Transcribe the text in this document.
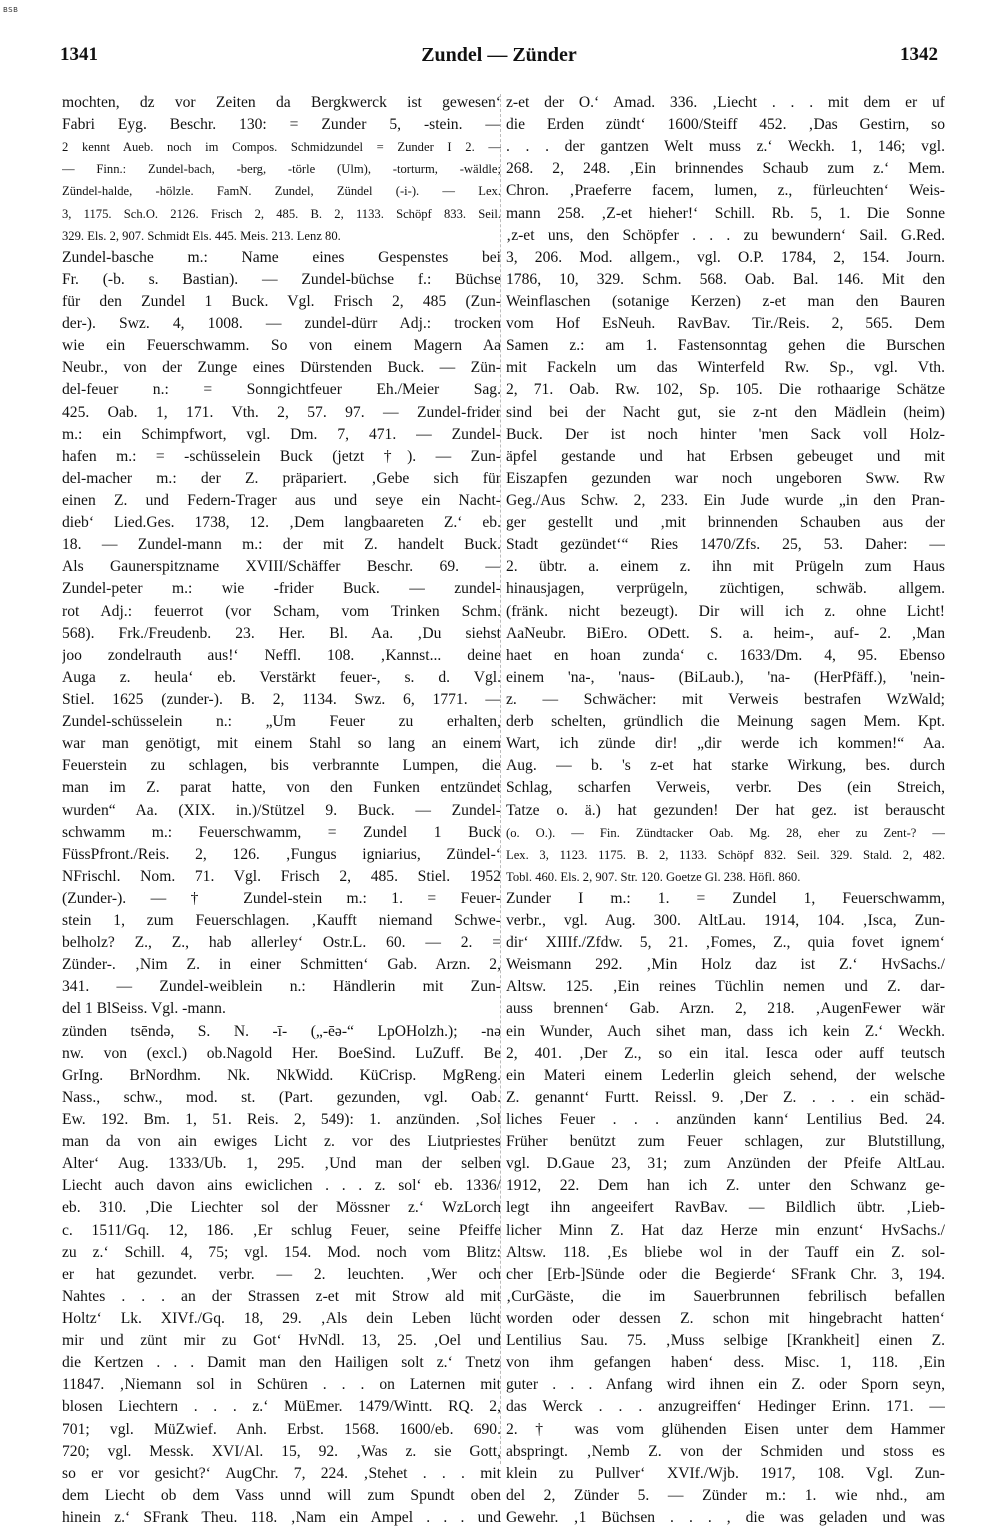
BSB
1341	Zundel — Zünder	1342
mochten, dz vor Zeiten da Bergkwerck ist gewesen‘
Fabri Eyg. Beschr. 130: = Zunder 5, -stein. —
2 kennt Aueb. noch im Compos. Schmidzundel = Zunder I 2. —
— Finn.: Zundel-bach, -berg, -törle (Ulm), -torturm, -wäldle;
Zündel-halde, -hölzle. FamN. Zundel, Zündel (-i-). — Lex.
3, 1175. Sch.O. 2126. Frisch 2, 485. B. 2, 1133. Schöpf 833. Seil.
329. Els. 2, 907. Schmidt Els. 445. Meis. 213. Lenz 80.
Zundel-basche m.: Name eines Gespenstes bei
Fr. (-b. s. Bastian). — Zundel-büchse f.: Büchse
für den Zundel 1 Buck. Vgl. Frisch 2, 485 (Zun-
der-). Swz. 4, 1008. — zundel-dürr Adj.: trocken
wie ein Feuerschwamm. So von einem Magern Aa
Neubr., von der Zunge eines Dürstenden Buck. — Zün-
del-feuer n.: = Sonngichtfeuer Eh./Meier Sag.
425. Oab. 1, 171. Vth. 2, 57. 97. — Zundel-frider
m.: ein Schimpfwort, vgl. Dm. 7, 471. — Zundel-
hafen m.: = -schüsselein Buck (jetzt †). — Zun-
del-macher m.: der Z. präpariert. ‚Gebe sich für
einen Z. und Federn-Trager aus und seye ein Nacht-
dieb‘ Lied.Ges. 1738, 12. ‚Dem langbaareten Z.‘ eb.
18. — Zundel-mann m.: der mit Z. handelt Buck.
Als Gaunerspitzname XVIII/Schäffer Beschr. 69. —
Zundel-peter m.: wie -frider Buck. — zundel-
rot Adj.: feuerrot (vor Scham, vom Trinken Schm.
568). Frk./Freudenb. 23. Her. Bl. Aa. ‚Du siehst
joo zondelrauth aus!‘ Neffl. 108. ‚Kannst... deine
Auga z. heula‘ eb. Verstärkt feuer-, s. d. Vgl.
Stiel. 1625 (zunder-). B. 2, 1134. Swz. 6, 1771. —
Zundel-schüsselein n.: „Um Feuer zu erhalten,
war man genötigt, mit einem Stahl so lang an einem
Feuerstein zu schlagen, bis verbrannte Lumpen, die
man im Z. parat hatte, von den Funken entzündet
wurden“ Aa. (XIX. in.)/Stützel 9. Buck. — Zundel-
schwamm m.: Feuerschwamm, = Zundel 1 Buck
FüssPfront./Reis. 2, 126. ‚Fungus igniarius, Zündel-‘
NFrischl. Nom. 71. Vgl. Frisch 2, 485. Stiel. 1952
(Zunder-). — † Zundel-stein m.: 1. = Feuer-
stein 1, zum Feuerschlagen. ‚Kaufft niemand Schwe-
belholz? Z., Z., hab allerley‘ Ostr.L. 60. — 2. =
Zünder-. ‚Nim Z. in einer Schmitten‘ Gab. Arzn. 2,
341. — Zundel-weiblein n.: Händlerin mit Zun-
del 1 BlSeiss. Vgl. -mann.
zünden tsēndə, S. N. -ī- („-ēə-“ LpOHolzh.); -nə
nw. von (excl.) ob.Nagold Her. BoeSind. LuZuff. Be
GrIng. BrNordhm. Nk. NkWidd. KüCrisp. MgReng.
Nass., schw., mod. st. (Part. gezunden, vgl. Oab.
Ew. 192. Bm. 1, 51. Reis. 2, 549): 1. anzünden. ‚Sol
man da von ain ewiges Licht z. vor des Liutpriestes
Alter‘ Aug. 1333/Ub. 1, 295. ‚Und man der selben
Liecht auch davon ains ewiclichen . . . z. sol‘ eb. 1336/
eb. 310. ‚Die Liechter sol der Mössner z.‘ WzLorch
c. 1511/Gq. 12, 186. ‚Er schlug Feuer, seine Pfeiffe
zu z.‘ Schill. 4, 75; vgl. 154. Mod. noch vom Blitz:
er hat gezundet. verbr. — 2. leuchten. ‚Wer och
Nahtes . . . an der Strassen z-et mit Strow ald mit
Holtz‘ Lk. XIVf./Gq. 18, 29. ‚Als dein Leben lücht
mir und zünt mir zu Got‘ HvNdl. 13, 25. ‚Oel und
die Kertzen . . . Damit man den Hailigen solt z.‘ Tnetz
11847. ‚Niemann sol in Schüren . . . on Laternen mit
blosen Liechtern . . . z.‘ MüEmer. 1479/Wintt. RQ. 2,
701; vgl. MüZwief. Anh. Erbst. 1568. 1600/eb. 690.
720; vgl. Messk. XVI/Al. 15, 92. ‚Was z. sie Gott,
so er vor gesicht?‘ AugChr. 7, 224. ‚Stehet . . . mit
dem Liecht ob dem Vass unnd will zum Spundt oben
hinein z.‘ SFrank Theu. 118. ‚Nam ein Ampel . . . und
z-et der O.‘ Amad. 336. ‚Liecht . . . mit dem er uf
die Erden zündt‘ 1600/Steiff 452. ‚Das Gestirn, so
. . . der gantzen Welt muss z.‘ Weckh. 1, 146; vgl.
268. 2, 248. ‚Ein brinnendes Schaub zum z.‘ Mem.
Chron. ‚Praeferre facem, lumen, z., fürleuchten‘ Weis-
mann 258. ‚Z-et hieher!‘ Schill. Rb. 5, 1. Die Sonne
‚z-et uns, den Schöpfer . . . zu bewundern‘ Sail. G.Red.
3, 206. Mod. allgem., vgl. O.P. 1784, 2, 154. Journ.
1786, 10, 329. Schm. 568. Oab. Bal. 146. Mit den
Weinflaschen (sotanige Kerzen) z-et man den Bauren
vom Hof EsNeuh. RavBav. Tir./Reis. 2, 565. Dem
Samen z.: am 1. Fastensonntag gehen die Burschen
mit Fackeln um das Winterfeld Rw. Sp., vgl. Vth.
2, 71. Oab. Rw. 102, Sp. 105. Die rothaarige Schätze
sind bei der Nacht gut, sie z-nt den Mädlein (heim)
Buck. Der ist noch hinter 'men Sack voll Holz-
äpfel gestande und hat Erbsen gebeuget und mit
Eiszapfen gezunden war noch ungeboren Sww. Rw
Geg./Aus Schw. 2, 233. Ein Jude wurde „in den Pran-
ger gestellt und ‚mit brinnenden Schauben aus der
Stadt gezündet‘“ Ries 1470/Zfs. 25, 53. Daher: —
2. übtr. a. einem z. ihn mit Prügeln zum Haus
hinausjagen, verprügeln, züchtigen, schwäb. allgem.
(fränk. nicht bezeugt). Dir will ich z. ohne Licht!
AaNeubr. BiEro. ODett. S. a. heim-, auf- 2. ‚Man
haet en hoan zunda‘ c. 1633/Dm. 4, 95. Ebenso
einem 'na-, 'naus- (BiLaub.), 'na- (HerPfäff.), 'nein-
z. — Schwächer: mit Verweis bestrafen WzWald;
derb schelten, gründlich die Meinung sagen Mem. Kpt.
Wart, ich zünde dir! „dir werde ich kommen!“ Aa.
Aug. — b. 's z-et hat starke Wirkung, bes. durch
Schlag, scharfen Verweis, verbr. Des (ein Streich,
Tatze o. ä.) hat gezunden! Der hat gez. ist berauscht
(o. O.). — Fin. Zündtacker Oab. Mg. 28, eher zu Zent-? —
Lex. 3, 1123. 1175. B. 2, 1133. Schöpf 832. Seil. 329. Stald. 2, 482.
Tobl. 460. Els. 2, 907. Str. 120. Goetze Gl. 238. Höfl. 860.
Zunder I m.: 1. = Zundel 1, Feuerschwamm,
verbr., vgl. Aug. 300. AltLau. 1914, 104. ‚Isca, Zun-
dir‘ XIIIf./Zfdw. 5, 21. ‚Fomes, Z., quia fovet ignem‘
Weismann 292. ‚Min Holz daz ist Z.‘ HvSachs./
Altsw. 125. ‚Ein reines Tüchlin nemen und Z. dar-
auss brennen‘ Gab. Arzn. 2, 218. ‚AugenFewer wär
ein Wunder, Auch sihet man, dass ich kein Z.‘ Weckh.
2, 401. ‚Der Z., so ein ital. Iesca oder auff teutsch
ein Materi einem Lederlin gleich sehend, der welsche
Z. genannt‘ Furtt. Reissl. 9. ‚Der Z. . . . ein schäd-
liches Feuer . . . anzünden kann‘ Lentilius Bed. 24.
Früher benützt zum Feuer schlagen, zur Blutstillung,
vgl. D.Gaue 23, 31; zum Anzünden der Pfeife AltLau.
1912, 22. Dem han ich Z. unter den Schwanz ge-
legt ihn angeeifert RavBav. — Bildlich übtr. ‚Lieb-
licher Minn Z. Hat daz Herze min enzunt‘ HvSachs./
Altsw. 118. ‚Es bliebe wol in der Tauff ein Z. sol-
cher [Erb-]Sünde oder die Begierde‘ SFrank Chr. 3, 194.
‚CurGäste, die im Sauerbrunnen febrilisch befallen
worden oder dessen Z. schon mit hingebracht hatten‘
Lentilius Sau. 75. ‚Muss selbige [Krankheit] einen Z.
von ihm gefangen haben‘ dess. Misc. 1, 118. ‚Ein
guter . . . Anfang wird ihnen ein Z. oder Sporn seyn,
das Werck . . . anzugreiffen‘ Hedinger Erinn. 171. —
2. † was vom glühenden Eisen unter dem Hammer
abspringt. ‚Nemb Z. von der Schmiden und stoss es
klein zu Pullver‘ XVIf./Wjb. 1917, 108. Vgl. Zun-
del 2, Zünder 5. — Zünder m.: 1. wie nhd., am
Gewehr. ‚1 Büchsen . . . , die was geladen und was
